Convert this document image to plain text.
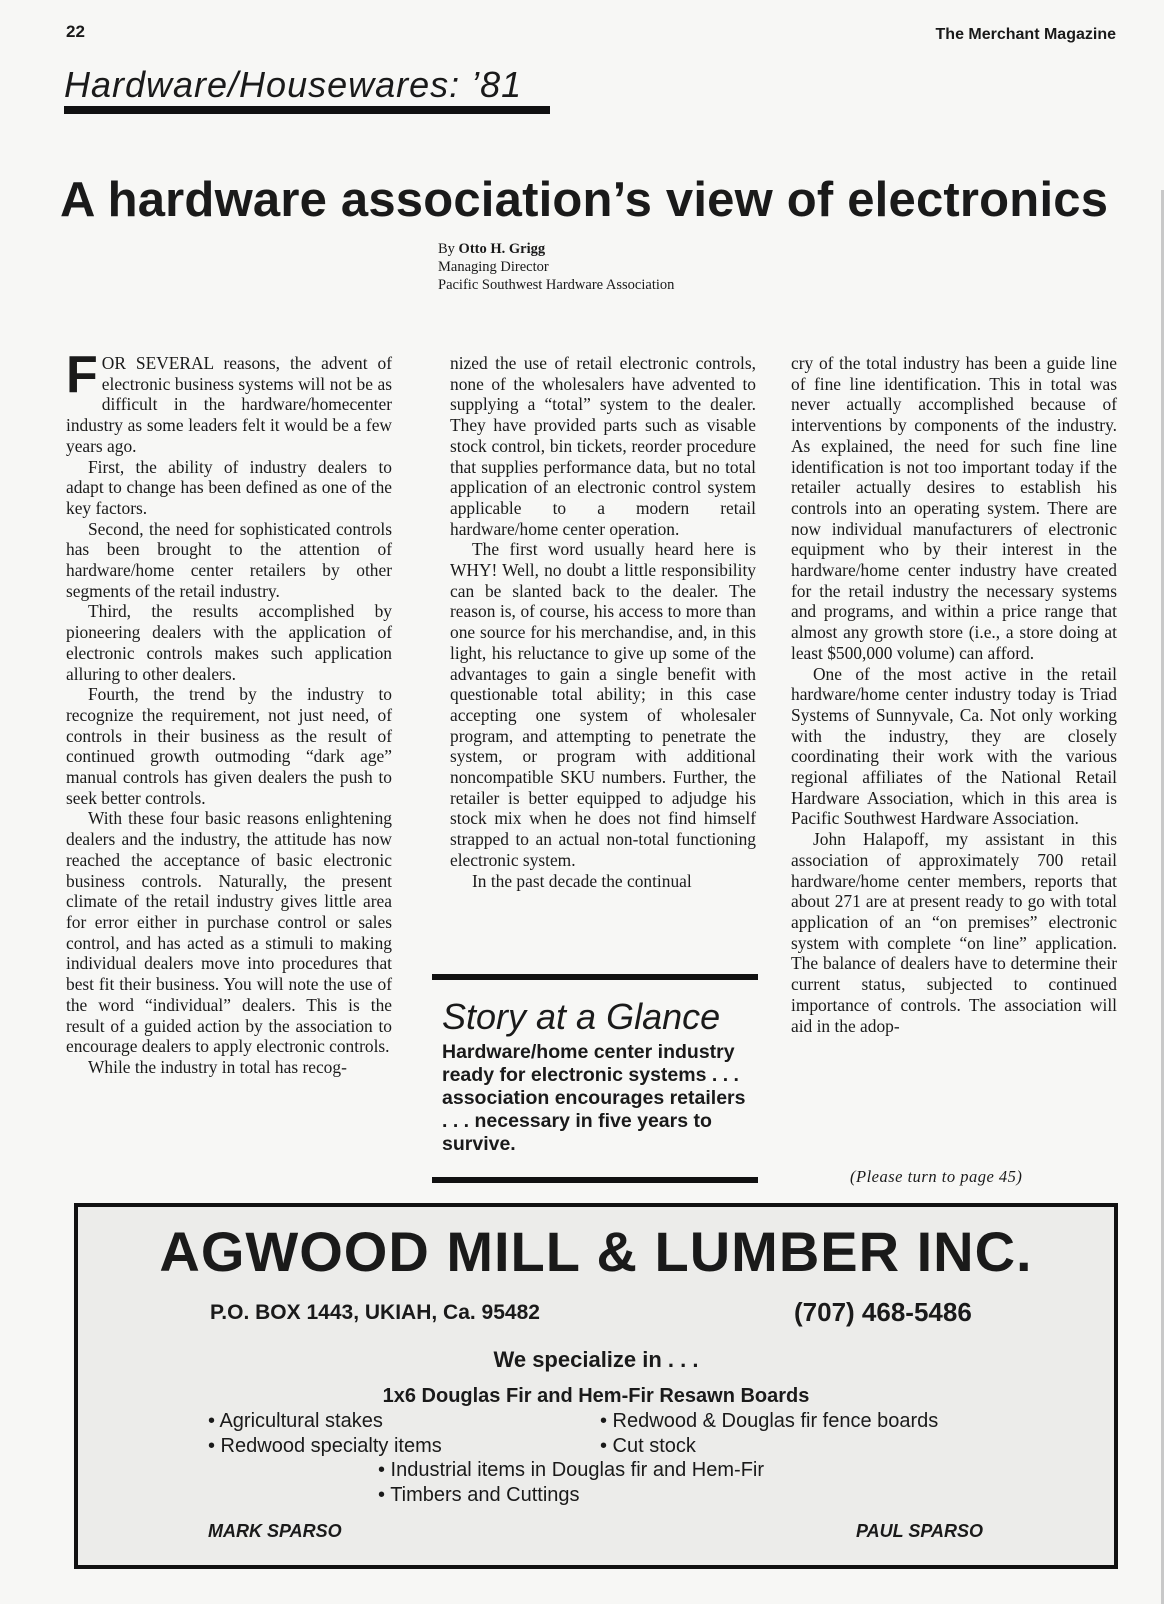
22	The Merchant Magazine
Hardware/Housewares: ’81
A hardware association’s view of electronics
By Otto H. Grigg
Managing Director
Pacific Southwest Hardware Association

FOR SEVERAL reasons, the advent of electronic business systems will not be as difficult in the hardware/homecenter industry as some leaders felt it would be a few years ago.

First, the ability of industry dealers to adapt to change has been defined as one of the key factors.

Second, the need for sophisticated controls has been brought to the attention of hardware/home center retailers by other segments of the retail industry.

Third, the results accomplished by pioneering dealers with the application of electronic controls makes such application alluring to other dealers.

Fourth, the trend by the industry to recognize the requirement, not just need, of controls in their business as the result of continued growth outmoding “dark age” manual controls has given dealers the push to seek better controls.

With these four basic reasons enlightening dealers and the industry, the attitude has now reached the acceptance of basic electronic business controls. Naturally, the present climate of the retail industry gives little area for error either in purchase control or sales control, and has acted as a stimuli to making individual dealers move into procedures that best fit their business. You will note the use of the word “individual” dealers. This is the result of a guided action by the association to encourage dealers to apply electronic controls.

While the industry in total has recog-

nized the use of retail electronic controls, none of the wholesalers have advented to supplying a “total” system to the dealer. They have provided parts such as visable stock control, bin tickets, reorder procedure that supplies performance data, but no total application of an electronic control system applicable to a modern retail hardware/home center operation.

The first word usually heard here is WHY! Well, no doubt a little responsibility can be slanted back to the dealer. The reason is, of course, his access to more than one source for his merchandise, and, in this light, his reluctance to give up some of the advantages to gain a single benefit with questionable total ability; in this case accepting one system of wholesaler program, and attempting to penetrate the system, or program with additional noncompatible SKU numbers. Further, the retailer is better equipped to adjudge his stock mix when he does not find himself strapped to an actual non-total functioning electronic system.

In the past decade the continual

cry of the total industry has been a guide line of fine line identification. This in total was never actually accomplished because of interventions by components of the industry. As explained, the need for such fine line identification is not too important today if the retailer actually desires to establish his controls into an operating system. There are now individual manufacturers of electronic equipment who by their interest in the hardware/home center industry have created for the retail industry the necessary systems and programs, and within a price range that almost any growth store (i.e., a store doing at least $500,000 volume) can afford.

One of the most active in the retail hardware/home center industry today is Triad Systems of Sunnyvale, Ca. Not only working with the industry, they are closely coordinating their work with the various regional affiliates of the National Retail Hardware Association, which in this area is Pacific Southwest Hardware Association.

John Halapoff, my assistant in this association of approximately 700 retail hardware/home center members, reports that about 271 are at present ready to go with total application of an “on premises” electronic system with complete “on line” application. The balance of dealers have to determine their current status, subjected to continued importance of controls. The association will aid in the adop-

Story at a Glance
Hardware/home center industry ready for electronic systems . . . association encourages retailers . . . necessary in five years to survive.
(Please turn to page 45)
AGWOOD MILL & LUMBER INC.
P.O. BOX 1443, UKIAH, Ca. 95482	(707) 468-5486
We specialize in . . .
1x6 Douglas Fir and Hem-Fir Resawn Boards
• Agricultural stakes	• Redwood & Douglas fir fence boards
• Redwood specialty items	• Cut stock
• Industrial items in Douglas fir and Hem-Fir
• Timbers and Cuttings
MARK SPARSO	PAUL SPARSO
